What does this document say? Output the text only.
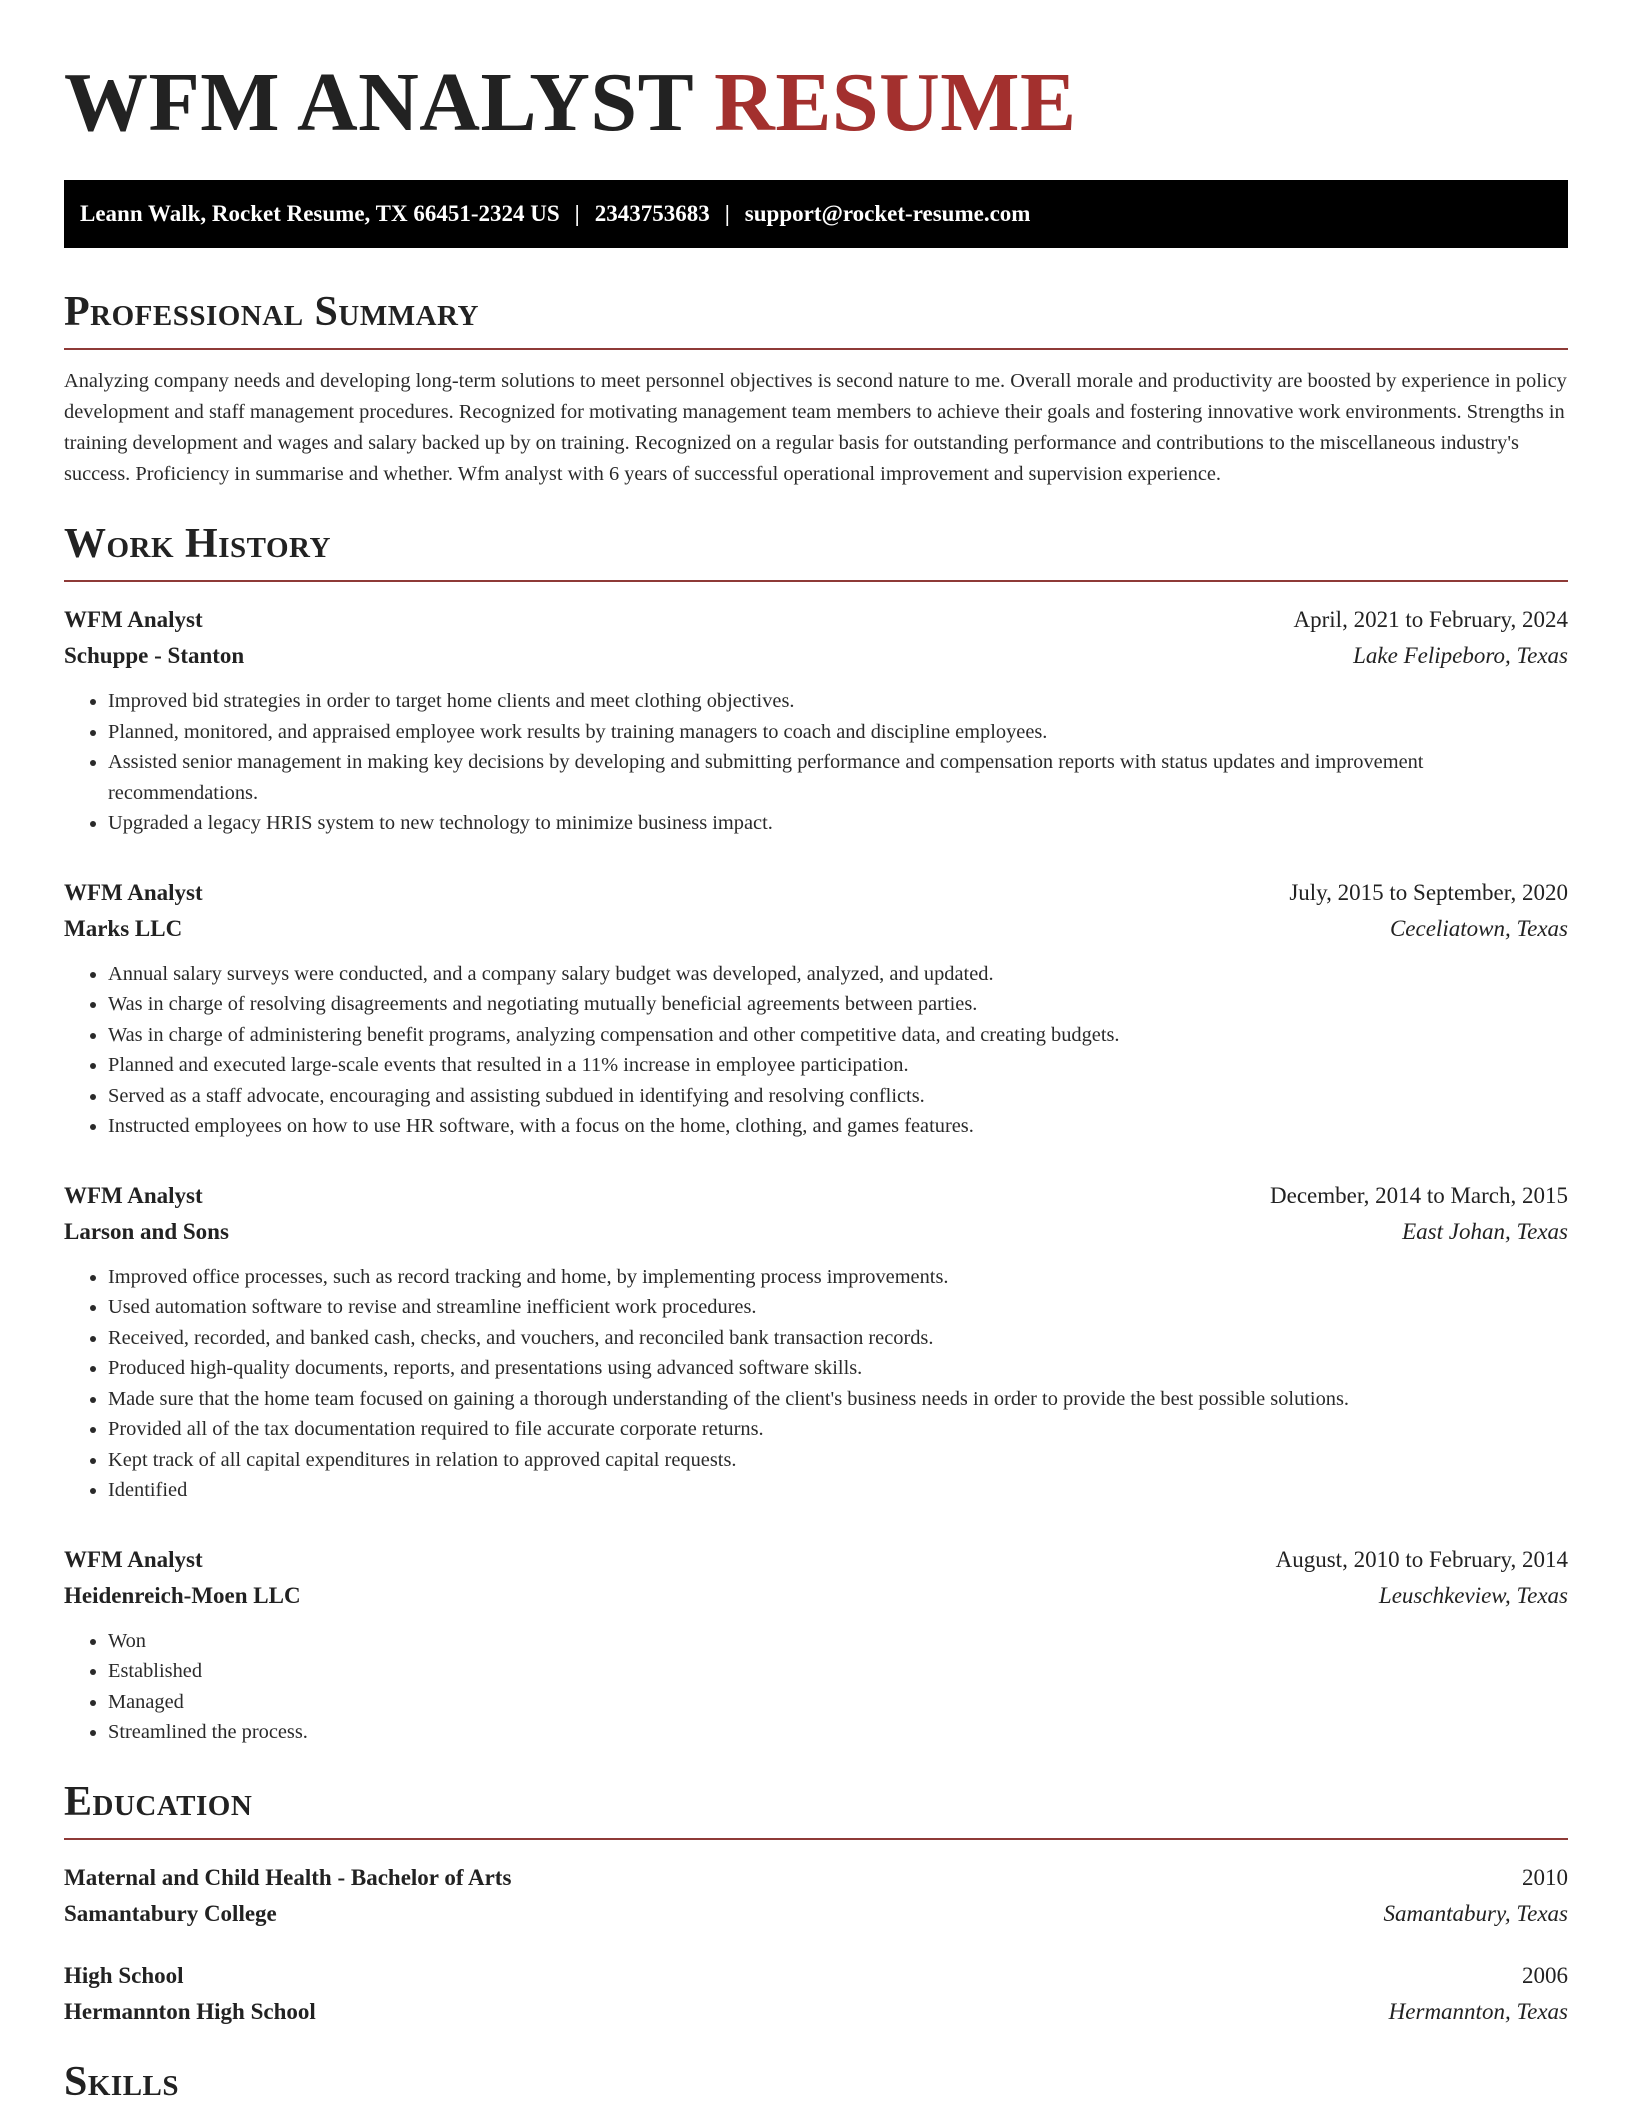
WFM ANALYST RESUME
Leann Walk, Rocket Resume, TX 66451-2324 US | 2343753683 | support@rocket-resume.com
Professional Summary

Analyzing company needs and developing long-term solutions to meet personnel objectives is second nature to me. Overall morale and productivity are boosted by experience in policy development and staff management procedures. Recognized for motivating management team members to achieve their goals and fostering innovative work environments. Strengths in training development and wages and salary backed up by on training. Recognized on a regular basis for outstanding performance and contributions to the miscellaneous industry's success. Proficiency in summarise and whether. Wfm analyst with 6 years of successful operational improvement and supervision experience.

Work History
WFM Analyst	April, 2021 to February, 2024
Schuppe - Stanton	Lake Felipeboro, Texas
• Improved bid strategies in order to target home clients and meet clothing objectives.
• Planned, monitored, and appraised employee work results by training managers to coach and discipline employees.
• Assisted senior management in making key decisions by developing and submitting performance and compensation reports with status updates and improvement recommendations.
• Upgraded a legacy HRIS system to new technology to minimize business impact.
WFM Analyst	July, 2015 to September, 2020
Marks LLC	Ceceliatown, Texas
• Annual salary surveys were conducted, and a company salary budget was developed, analyzed, and updated.
• Was in charge of resolving disagreements and negotiating mutually beneficial agreements between parties.
• Was in charge of administering benefit programs, analyzing compensation and other competitive data, and creating budgets.
• Planned and executed large-scale events that resulted in a 11% increase in employee participation.
• Served as a staff advocate, encouraging and assisting subdued in identifying and resolving conflicts.
• Instructed employees on how to use HR software, with a focus on the home, clothing, and games features.
WFM Analyst	December, 2014 to March, 2015
Larson and Sons	East Johan, Texas
• Improved office processes, such as record tracking and home, by implementing process improvements.
• Used automation software to revise and streamline inefficient work procedures.
• Received, recorded, and banked cash, checks, and vouchers, and reconciled bank transaction records.
• Produced high-quality documents, reports, and presentations using advanced software skills.
• Made sure that the home team focused on gaining a thorough understanding of the client's business needs in order to provide the best possible solutions.
• Provided all of the tax documentation required to file accurate corporate returns.
• Kept track of all capital expenditures in relation to approved capital requests.
• Identified
WFM Analyst	August, 2010 to February, 2014
Heidenreich-Moen LLC	Leuschkeview, Texas
• Won
• Established
• Managed
• Streamlined the process.
Education
Maternal and Child Health - Bachelor of Arts	2010
Samantabury College	Samantabury, Texas
High School	2006
Hermannton High School	Hermannton, Texas
Skills
